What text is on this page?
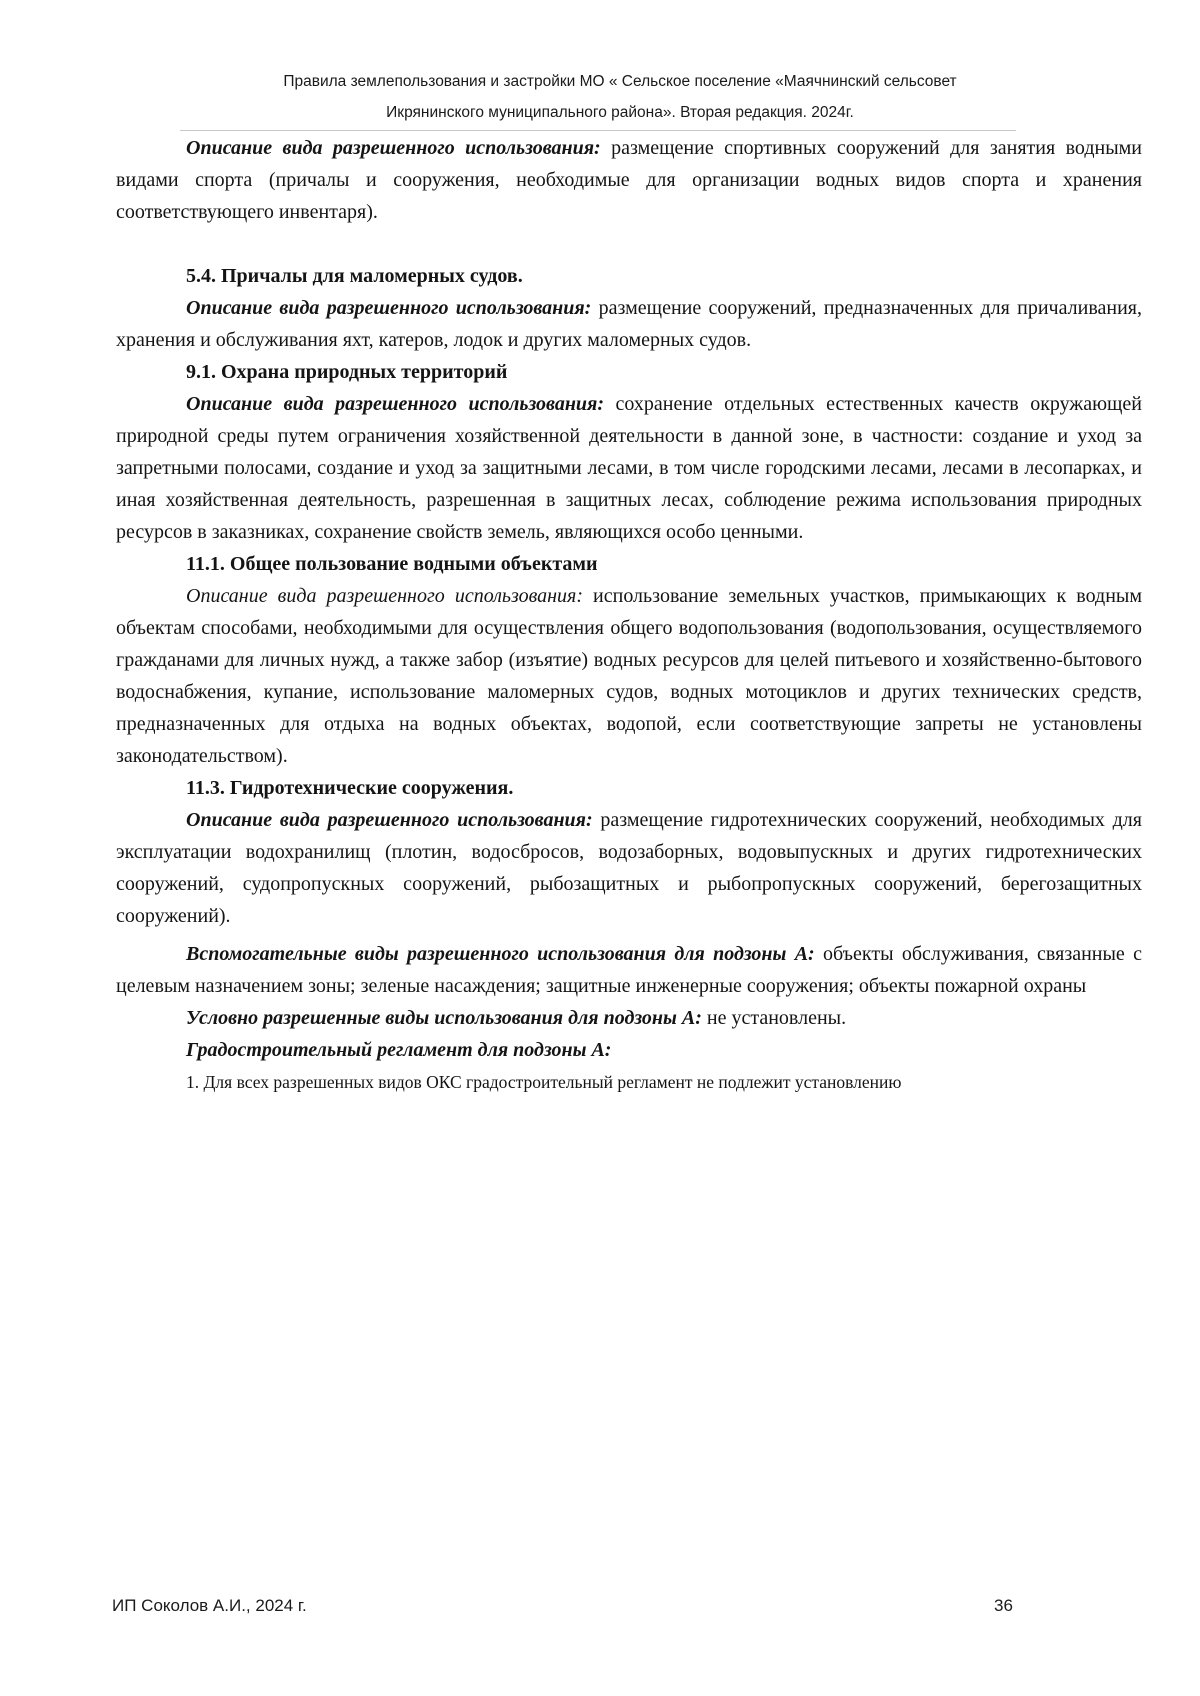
Правила землепользования и застройки МО « Сельское поселение «Маячнинский сельсовет
Икрянинского муниципального района». Вторая редакция. 2024г.

Описание вида разрешенного использования: размещение спортивных сооружений для занятия водными видами спорта (причалы и сооружения, необходимые для организации водных видов спорта и хранения соответствующего инвентаря).

5.4. Причалы для маломерных судов.

Описание вида разрешенного использования: размещение сооружений, предназначенных для причаливания, хранения и обслуживания яхт, катеров, лодок и других маломерных судов.

9.1. Охрана природных территорий

Описание вида разрешенного использования: сохранение отдельных естественных качеств окружающей природной среды путем ограничения хозяйственной деятельности в данной зоне, в частности: создание и уход за запретными полосами, создание и уход за защитными лесами, в том числе городскими лесами, лесами в лесопарках, и иная хозяйственная деятельность, разрешенная в защитных лесах, соблюдение режима использования природных ресурсов в заказниках, сохранение свойств земель, являющихся особо ценными.

11.1. Общее пользование водными объектами

Описание вида разрешенного использования: использование земельных участков, примыкающих к водным объектам способами, необходимыми для осуществления общего водопользования (водопользования, осуществляемого гражданами для личных нужд, а также забор (изъятие) водных ресурсов для целей питьевого и хозяйственно-бытового водоснабжения, купание, использование маломерных судов, водных мотоциклов и других технических средств, предназначенных для отдыха на водных объектах, водопой, если соответствующие запреты не установлены законодательством).

11.3. Гидротехнические сооружения.

Описание вида разрешенного использования: размещение гидротехнических сооружений, необходимых для эксплуатации водохранилищ (плотин, водосбросов, водозаборных, водовыпускных и других гидротехнических сооружений, судопропускных сооружений, рыбозащитных и рыбопропускных сооружений, берегозащитных сооружений).

Вспомогательные виды разрешенного использования для подзоны А: объекты обслуживания, связанные с целевым назначением зоны; зеленые насаждения; защитные инженерные сооружения; объекты пожарной охраны

Условно разрешенные виды использования для подзоны А: не установлены.

Градостроительный регламент для подзоны А:

1. Для всех разрешенных видов ОКС градостроительный регламент не подлежит установлению

ИП Соколов А.И., 2024 г.	36
